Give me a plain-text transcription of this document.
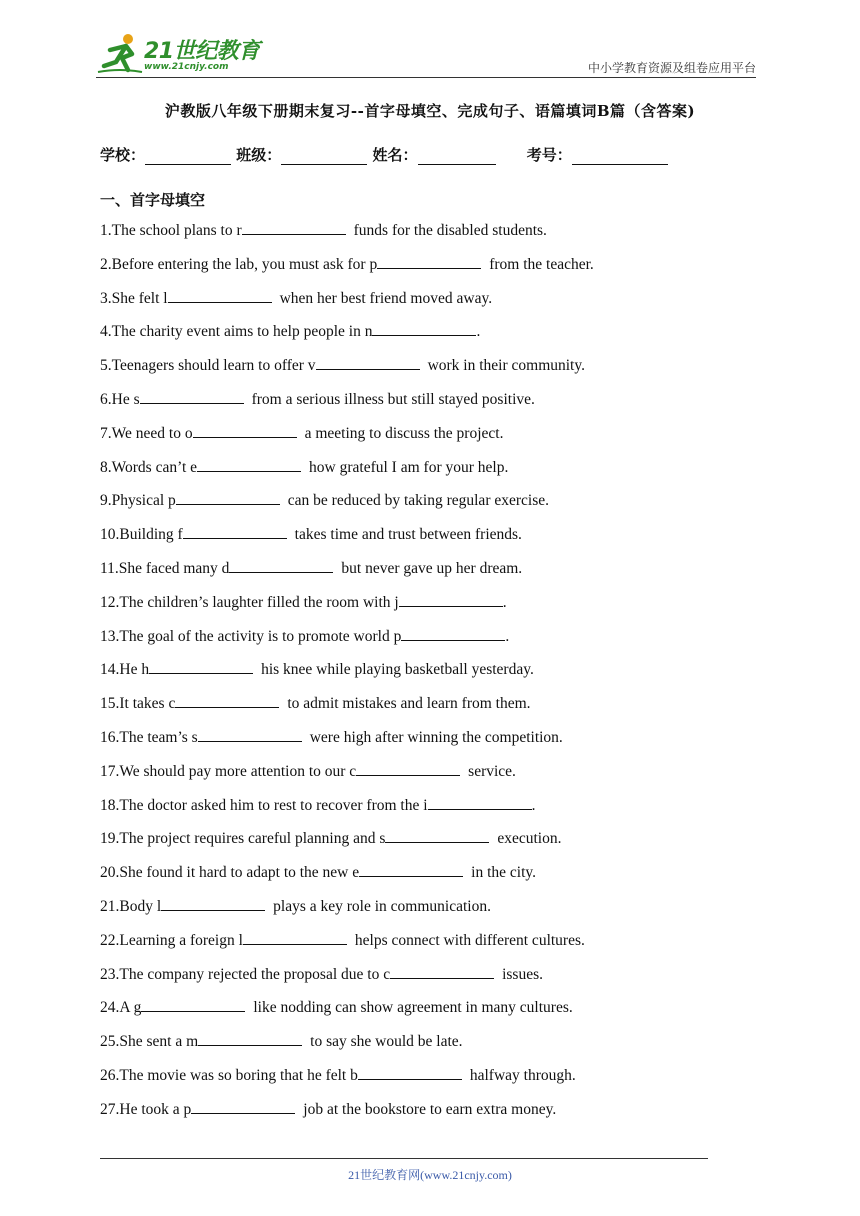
21世纪教育
www.21cnjy.com	中小学教育资源及组卷应用平台
沪教版八年级下册期末复习--首字母填空、完成句子、语篇填词B篇（含答案)
学校：	班级：	姓名：	考号：
一、首字母填空
1.The school plans to r	funds for the disabled students.
2.Before entering the lab, you must ask for p	from the teacher.
3.She felt l	when her best friend moved away.
4.The charity event aims to help people in n	.
5.Teenagers should learn to offer v	work in their community.
6.He s	from a serious illness but still stayed positive.
7.We need to o	a meeting to discuss the project.
8.Words can’t e	how grateful I am for your help.
9.Physical p	can be reduced by taking regular exercise.
10.Building f	takes time and trust between friends.
11.She faced many d	but never gave up her dream.
12.The children’s laughter filled the room with j	.
13.The goal of the activity is to promote world p	.
14.He h	his knee while playing basketball yesterday.
15.It takes c	to admit mistakes and learn from them.
16.The team’s s	were high after winning the competition.
17.We should pay more attention to our c	service.
18.The doctor asked him to rest to recover from the i	.
19.The project requires careful planning and s	execution.
20.She found it hard to adapt to the new e	in the city.
21.Body l	plays a key role in communication.
22.Learning a foreign l	helps connect with different cultures.
23.The company rejected the proposal due to c	issues.
24.A g	like nodding can show agreement in many cultures.
25.She sent a m	to say she would be late.
26.The movie was so boring that he felt b	halfway through.
27.He took a p	job at the bookstore to earn extra money.
21世纪教育网(www.21cnjy.com)
